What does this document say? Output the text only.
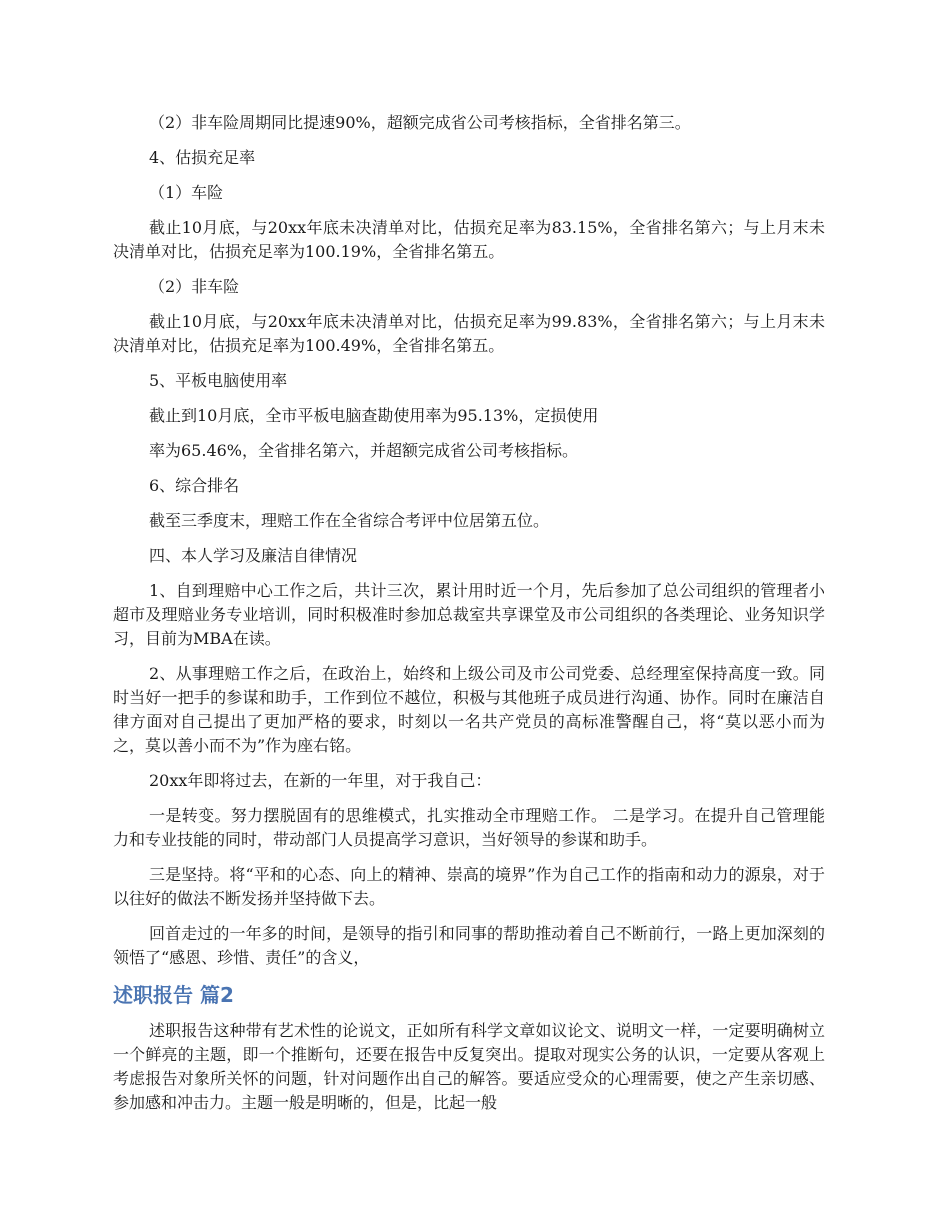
（2）非车险周期同比提速90%，超额完成省公司考核指标，全省排名第三。

4、估损充足率

（1）车险

截止10月底，与20xx年底未决清单对比，估损充足率为83.15%，全省排名第六；与上月末未决清单对比，估损充足率为100.19%，全省排名第五。

（2）非车险

截止10月底，与20xx年底未决清单对比，估损充足率为99.83%，全省排名第六；与上月末未决清单对比，估损充足率为100.49%，全省排名第五。

5、平板电脑使用率

截止到10月底，全市平板电脑查勘使用率为95.13%，定损使用

率为65.46%，全省排名第六，并超额完成省公司考核指标。

6、综合排名

截至三季度末，理赔工作在全省综合考评中位居第五位。

四、本人学习及廉洁自律情况

1、自到理赔中心工作之后，共计三次，累计用时近一个月，先后参加了总公司组织的管理者小超市及理赔业务专业培训，同时积极准时参加总裁室共享课堂及市公司组织的各类理论、业务知识学习，目前为MBA在读。

2、从事理赔工作之后，在政治上，始终和上级公司及市公司党委、总经理室保持高度一致。同时当好一把手的参谋和助手，工作到位不越位，积极与其他班子成员进行沟通、协作。同时在廉洁自律方面对自己提出了更加严格的要求，时刻以一名共产党员的高标准警醒自己，将“莫以恶小而为之，莫以善小而不为”作为座右铭。

20xx年即将过去，在新的一年里，对于我自己：

一是转变。努力摆脱固有的思维模式，扎实推动全市理赔工作。 二是学习。在提升自己管理能力和专业技能的同时，带动部门人员提高学习意识，当好领导的参谋和助手。

三是坚持。将“平和的心态、向上的精神、崇高的境界”作为自己工作的指南和动力的源泉，对于以往好的做法不断发扬并坚持做下去。

回首走过的一年多的时间，是领导的指引和同事的帮助推动着自己不断前行，一路上更加深刻的领悟了“感恩、珍惜、责任”的含义，

述职报告 篇2

述职报告这种带有艺术性的论说文，正如所有科学文章如议论文、说明文一样，一定要明确树立一个鲜亮的主题，即一个推断句，还要在报告中反复突出。提取对现实公务的认识，一定要从客观上考虑报告对象所关怀的问题，针对问题作出自己的解答。要适应受众的心理需要，使之产生亲切感、参加感和冲击力。主题一般是明晰的，但是，比起一般
